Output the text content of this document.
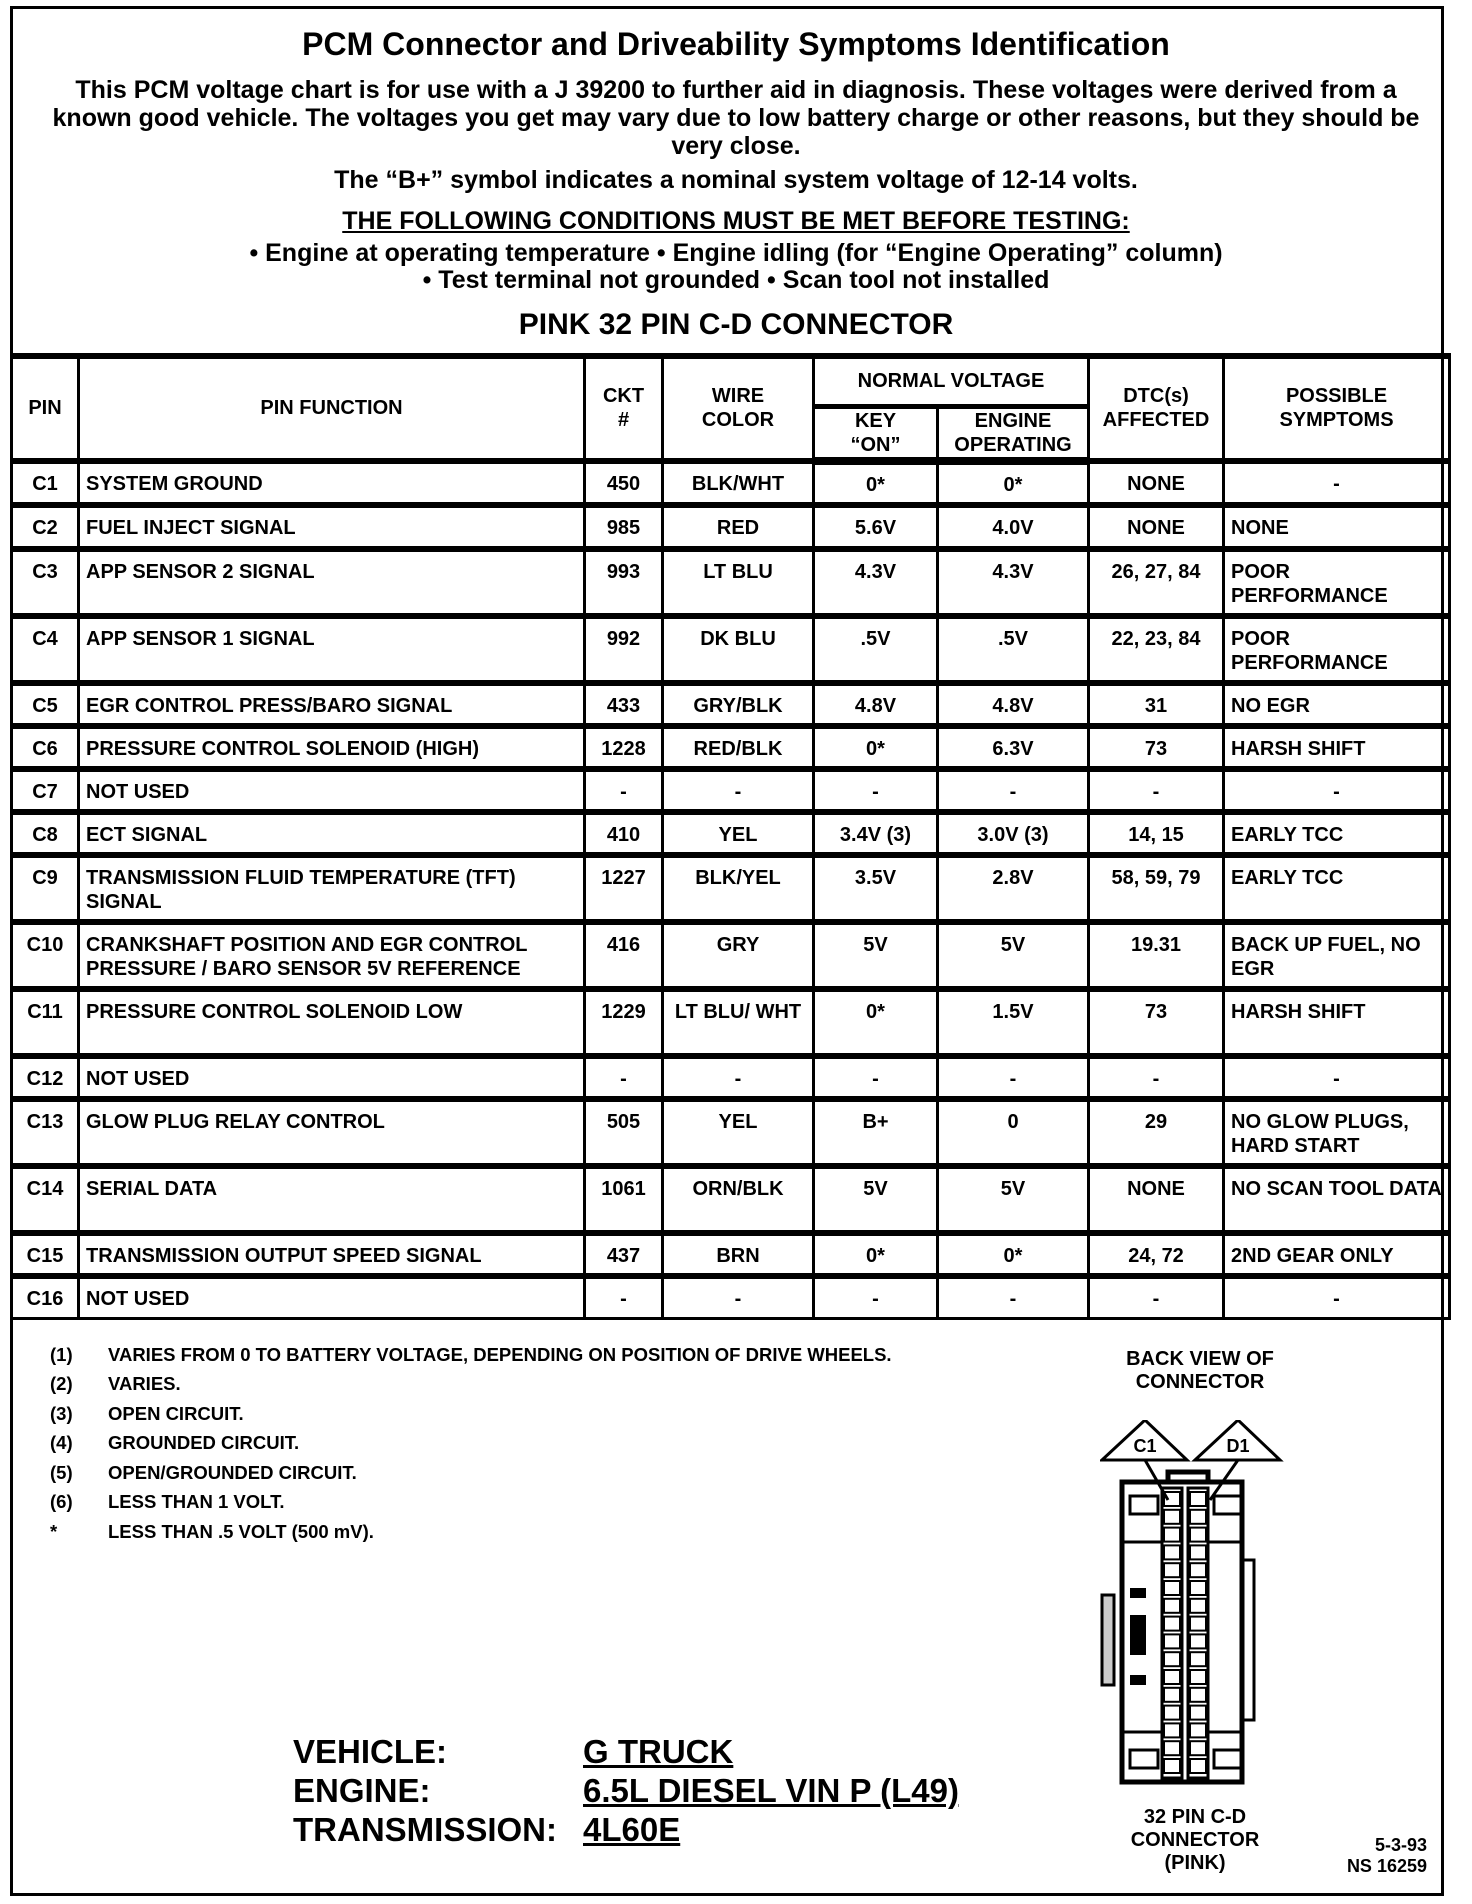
PCM Connector and Driveability Symptoms Identification
This PCM voltage chart is for use with a J 39200 to further aid in diagnosis. These voltages were derived from a known good vehicle. The voltages you get may vary due to low battery charge or other reasons, but they should be very close.
The “B+” symbol indicates a nominal system voltage of 12-14 volts.
THE FOLLOWING CONDITIONS MUST BE MET BEFORE TESTING:
• Engine at operating temperature • Engine idling (for “Engine Operating” column)
• Test terminal not grounded • Scan tool not installed
PINK 32 PIN C-D CONNECTOR
PIN	PIN FUNCTION	CKT #	WIRE COLOR	NORMAL VOLTAGE		DTC(s) AFFECTED	POSSIBLE SYMPTOMS
				KEY “ON”	ENGINE OPERATING		
C1	SYSTEM GROUND	450	BLK/WHT	0*	0*	NONE	-
C2	FUEL INJECT SIGNAL	985	RED	5.6V	4.0V	NONE	NONE
C3	APP SENSOR 2 SIGNAL	993	LT BLU	4.3V	4.3V	26, 27, 84	POOR PERFORMANCE
C4	APP SENSOR 1 SIGNAL	992	DK BLU	.5V	.5V	22, 23, 84	POOR PERFORMANCE
C5	EGR CONTROL PRESS/BARO SIGNAL	433	GRY/BLK	4.8V	4.8V	31	NO EGR
C6	PRESSURE CONTROL SOLENOID (HIGH)	1228	RED/BLK	0*	6.3V	73	HARSH SHIFT
C7	NOT USED	-	-	-	-	-	-
C8	ECT SIGNAL	410	YEL	3.4V (3)	3.0V (3)	14, 15	EARLY TCC
C9	TRANSMISSION FLUID TEMPERATURE (TFT) SIGNAL	1227	BLK/YEL	3.5V	2.8V	58, 59, 79	EARLY TCC
C10	CRANKSHAFT POSITION AND EGR CONTROL PRESSURE / BARO SENSOR 5V REFERENCE	416	GRY	5V	5V	19.31	BACK UP FUEL, NO EGR
C11	PRESSURE CONTROL SOLENOID LOW	1229	LT BLU/ WHT	0*	1.5V	73	HARSH SHIFT
C12	NOT USED	-	-	-	-	-	-
C13	GLOW PLUG RELAY CONTROL	505	YEL	B+	0	29	NO GLOW PLUGS, HARD START
C14	SERIAL DATA	1061	ORN/BLK	5V	5V	NONE	NO SCAN TOOL DATA
C15	TRANSMISSION OUTPUT SPEED SIGNAL	437	BRN	0*	0*	24, 72	2ND GEAR ONLY
C16	NOT USED	-	-	-	-	-	-
(1)	VARIES FROM 0 TO BATTERY VOLTAGE, DEPENDING ON POSITION OF DRIVE WHEELS.
(2)	VARIES.
(3)	OPEN CIRCUIT.
(4)	GROUNDED CIRCUIT.
(5)	OPEN/GROUNDED CIRCUIT.
(6)	LESS THAN 1 VOLT.
*	LESS THAN .5 VOLT (500 mV).
BACK VIEW OF CONNECTOR
C1	D1
32 PIN C-D CONNECTOR (PINK)
VEHICLE:	G TRUCK
ENGINE:	6.5L DIESEL VIN P (L49)
TRANSMISSION: 4L60E	5-3-93
NS 16259
